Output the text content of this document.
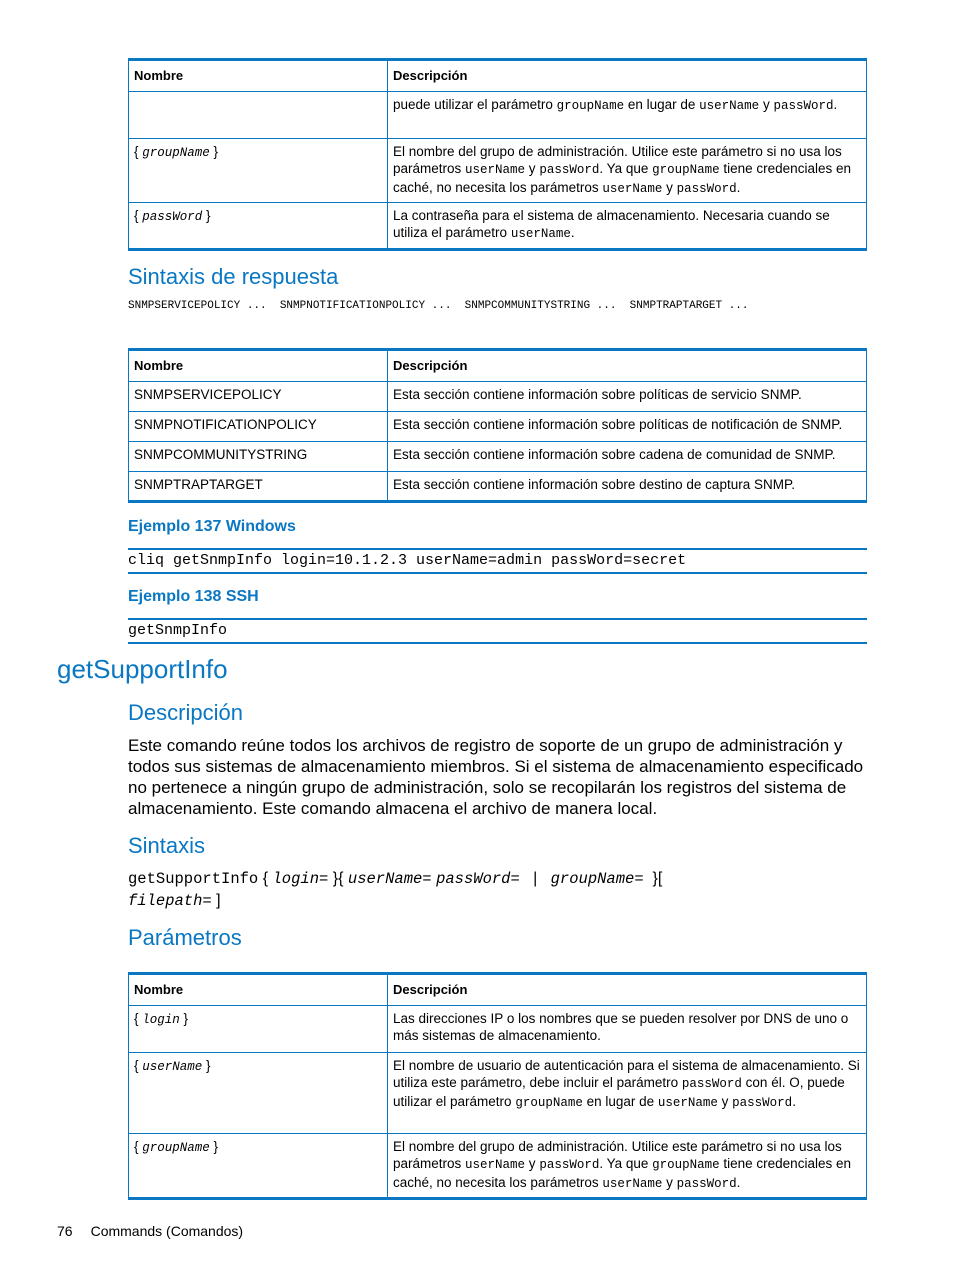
Nombre	Descripción
	puede utilizar el parámetro groupName en lugar de userName y passWord.
{ groupName }	El nombre del grupo de administración. Utilice este parámetro si no usa los parámetros userName y passWord. Ya que groupName tiene credenciales en caché, no necesita los parámetros userName y passWord.
{ passWord }	La contraseña para el sistema de almacenamiento. Necesaria cuando se utiliza el parámetro userName.
Sintaxis de respuesta
SNMPSERVICEPOLICY ...  SNMPNOTIFICATIONPOLICY ...  SNMPCOMMUNITYSTRING ...  SNMPTRAPTARGET ...
Nombre	Descripción
SNMPSERVICEPOLICY	Esta sección contiene información sobre políticas de servicio SNMP.
SNMPNOTIFICATIONPOLICY	Esta sección contiene información sobre políticas de notificación de SNMP.
SNMPCOMMUNITYSTRING	Esta sección contiene información sobre cadena de comunidad de SNMP.
SNMPTRAPTARGET	Esta sección contiene información sobre destino de captura SNMP.
Ejemplo 137 Windows
cliq getSnmpInfo login=10.1.2.3 userName=admin passWord=secret
Ejemplo 138 SSH
getSnmpInfo
getSupportInfo
Descripción
Este comando reúne todos los archivos de registro de soporte de un grupo de administración y todos sus sistemas de almacenamiento miembros. Si el sistema de almacenamiento especificado no pertenece a ningún grupo de administración, solo se recopilarán los registros del sistema de almacenamiento. Este comando almacena el archivo de manera local.
Sintaxis
getSupportInfo { login= }{ userName= passWord= | groupName= }[
filepath= ]
Parámetros
Nombre	Descripción
{ login }	Las direcciones IP o los nombres que se pueden resolver por DNS de uno o más sistemas de almacenamiento.
{ userName }	El nombre de usuario de autenticación para el sistema de almacenamiento. Si utiliza este parámetro, debe incluir el parámetro passWord con él. O, puede utilizar el parámetro groupName en lugar de userName y passWord.
{ groupName }	El nombre del grupo de administración. Utilice este parámetro si no usa los parámetros userName y passWord. Ya que groupName tiene credenciales en caché, no necesita los parámetros userName y passWord.
76 Commands (Comandos)
